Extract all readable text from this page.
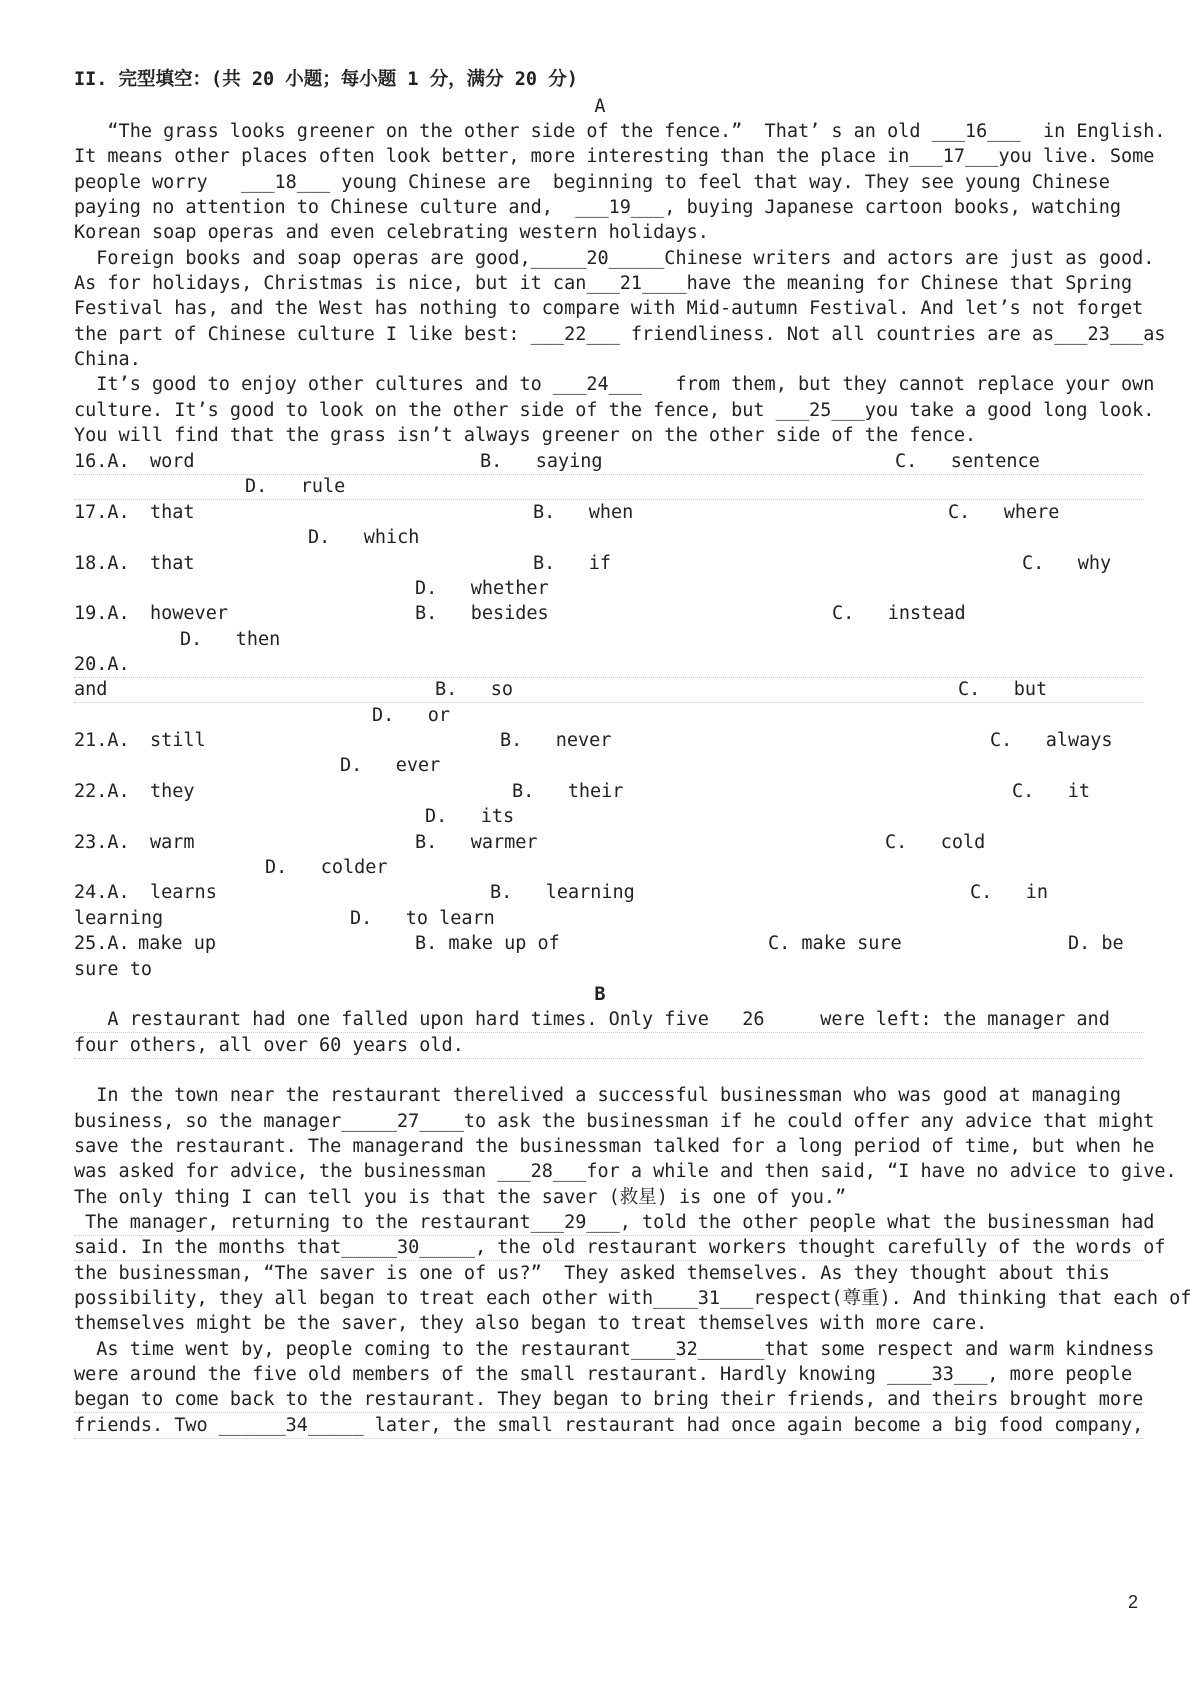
II. 完型填空：(共 20 小题；每小题 1 分，满分 20 分)
A
“The grass looks greener on the other side of the fence.”  That’ s an old ___16___  in English.
It means other places often look better, more interesting than the place in___17___you live. Some
people worry   ___18___ young Chinese are  beginning to feel that way. They see young Chinese
paying no attention to Chinese culture and,  ___19___, buying Japanese cartoon books, watching
Korean soap operas and even celebrating western holidays.
Foreign books and soap operas are good,_____20_____Chinese writers and actors are just as good.
As for holidays, Christmas is nice, but it can___21____have the meaning for Chinese that Spring
Festival has, and the West has nothing to compare with Mid-autumn Festival. And let’s not forget
the part of Chinese culture I like best: ___22___ friendliness. Not all countries are as___23___as
China.
It’s good to enjoy other cultures and to ___24___   from them, but they cannot replace your own
culture. It’s good to look on the other side of the fence, but ___25___you take a good long look.
You will find that the grass isn’t always greener on the other side of the fence.
16.A. word	B.   saying	C.   sentence
D.   rule
17.A. that	B.   when	C.   where
D.   which
18.A. that	B.   if	C.   why
D.   whether
19.A. however	B.   besides	C.   instead
D.   then
20.A.
and	B.   so	C.   but
D.   or
21.A. still	B.   never	C.   always
D.   ever
22.A. they	B.   their	C.   it
D.   its
23.A. warm	B.   warmer	C.   cold
D.   colder
24.A. learns	B.   learning	C.   in
learning	D.   to learn
25.A. make up	B. make up of	C. make sure	D. be
sure to
B
A restaurant had one falled upon hard times. Only five   26     were left: the manager and
four others, all over 60 years old.
In the town near the restaurant therelived a successful businessman who was good at managing
business, so the manager_____27____to ask the businessman if he could offer any advice that might
save the restaurant. The managerand the businessman talked for a long period of time, but when he
was asked for advice, the businessman ___28___for a while and then said, “I have no advice to give.
The only thing I can tell you is that the saver (救星) is one of you.”
The manager, returning to the restaurant___29___, told the other people what the businessman had
said. In the months that_____30_____, the old restaurant workers thought carefully of the words of
the businessman, “The saver is one of us?”  They asked themselves. As they thought about this
possibility, they all began to treat each other with____31___respect(尊重). And thinking that each of
themselves might be the saver, they also began to treat themselves with more care.
As time went by, people coming to the restaurant____32______that some respect and warm kindness
were around the five old members of the small restaurant. Hardly knowing ____33___, more people
began to come back to the restaurant. They began to bring their friends, and theirs brought more
friends. Two ______34_____ later, the small restaurant had once again become a big food company,
2
